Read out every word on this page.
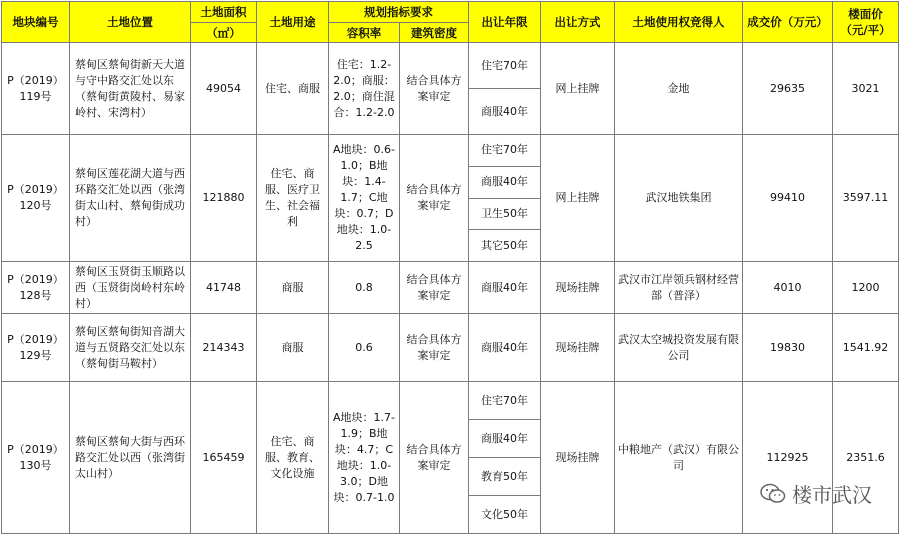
地块编号	土地位置	土地面积	土地用途	规划指标要求		出让年限	出让方式	土地使用权竞得人	成交价（万元）	楼面价（元/平）
		（㎡）		容积率	建筑密度					
P（2019）119号	蔡甸区蔡甸街新天大道与守中路交汇处以东（蔡甸街黄陵村、易家岭村、宋湾村）	49054	住宅、商服	住宅：1.2-2.0；商服：2.0；商住混合：1.2-2.0	结合具体方案审定	住宅70年
商服40年	网上挂牌	金地	29635	3021
P（2019）120号	蔡甸区莲花湖大道与西环路交汇处以西（张湾街太山村、蔡甸街成功村）	121880	住宅、商服、医疗卫生、社会福利	A地块：0.6-1.0；B地块：1.4-1.7；C地块：0.7；D地块：1.0-2.5	结合具体方案审定	住宅70年
商服40年
卫生50年
其它50年	网上挂牌	武汉地铁集团	99410	3597.11
P（2019）128号	蔡甸区玉贤街玉顺路以西（玉贤街岗岭村东岭村）	41748	商服	0.8	结合具体方案审定	商服40年	现场挂牌	武汉市江岸领兵钢材经营部（普泽）	4010	1200
P（2019）129号	蔡甸区蔡甸街知音湖大道与五贤路交汇处以东（蔡甸街马鞍村）	214343	商服	0.6	结合具体方案审定	商服40年	现场挂牌	武汉太空城投资发展有限公司	19830	1541.92
P（2019）130号	蔡甸区蔡甸大街与西环路交汇处以西（张湾街太山村）	165459	住宅、商服、教育、文化设施	A地块：1.7-1.9；B地块：4.7；C地块：1.0-3.0；D地块：0.7-1.0	结合具体方案审定	住宅70年
商服40年
教育50年
文化50年	现场挂牌	中粮地产（武汉）有限公司	112925	2351.6
楼市武汉
